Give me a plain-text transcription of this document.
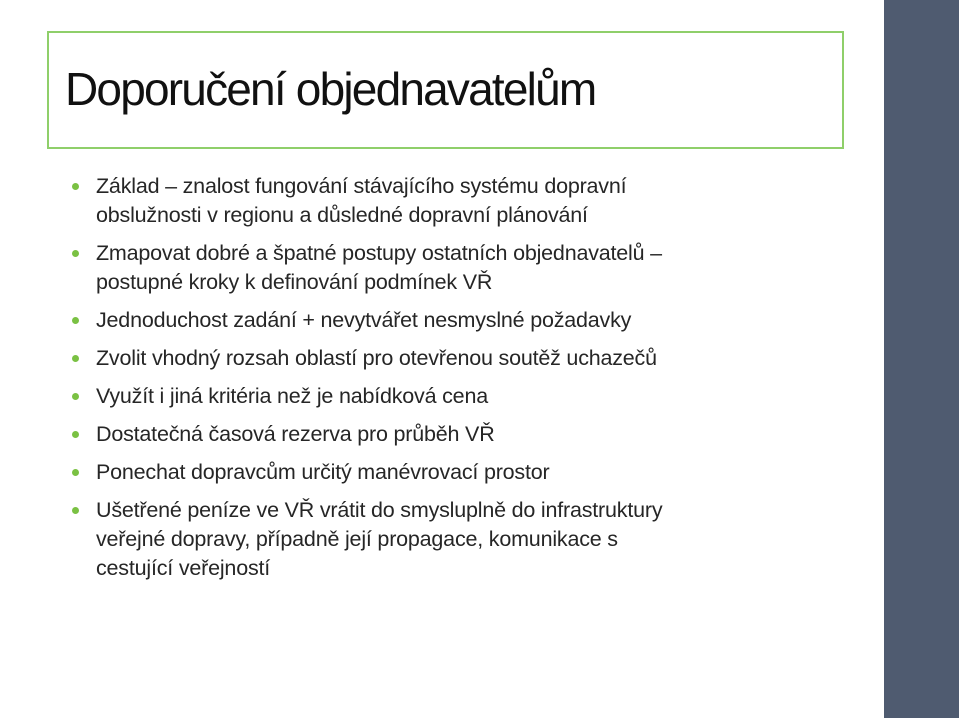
Doporučení objednavatelům
Základ – znalost fungování stávajícího systému dopravní
obslužnosti v regionu a důsledné dopravní plánování
Zmapovat dobré a špatné postupy ostatních objednavatelů –
postupné kroky k definování podmínek VŘ
Jednoduchost zadání + nevytvářet nesmyslné požadavky
Zvolit vhodný rozsah oblastí pro otevřenou soutěž uchazečů
Využít i jiná kritéria než je nabídková cena
Dostatečná časová rezerva pro průběh VŘ
Ponechat dopravcům určitý manévrovací prostor
Ušetřené peníze ve VŘ vrátit do smysluplně do infrastruktury
veřejné dopravy, případně její propagace, komunikace s
cestující veřejností
